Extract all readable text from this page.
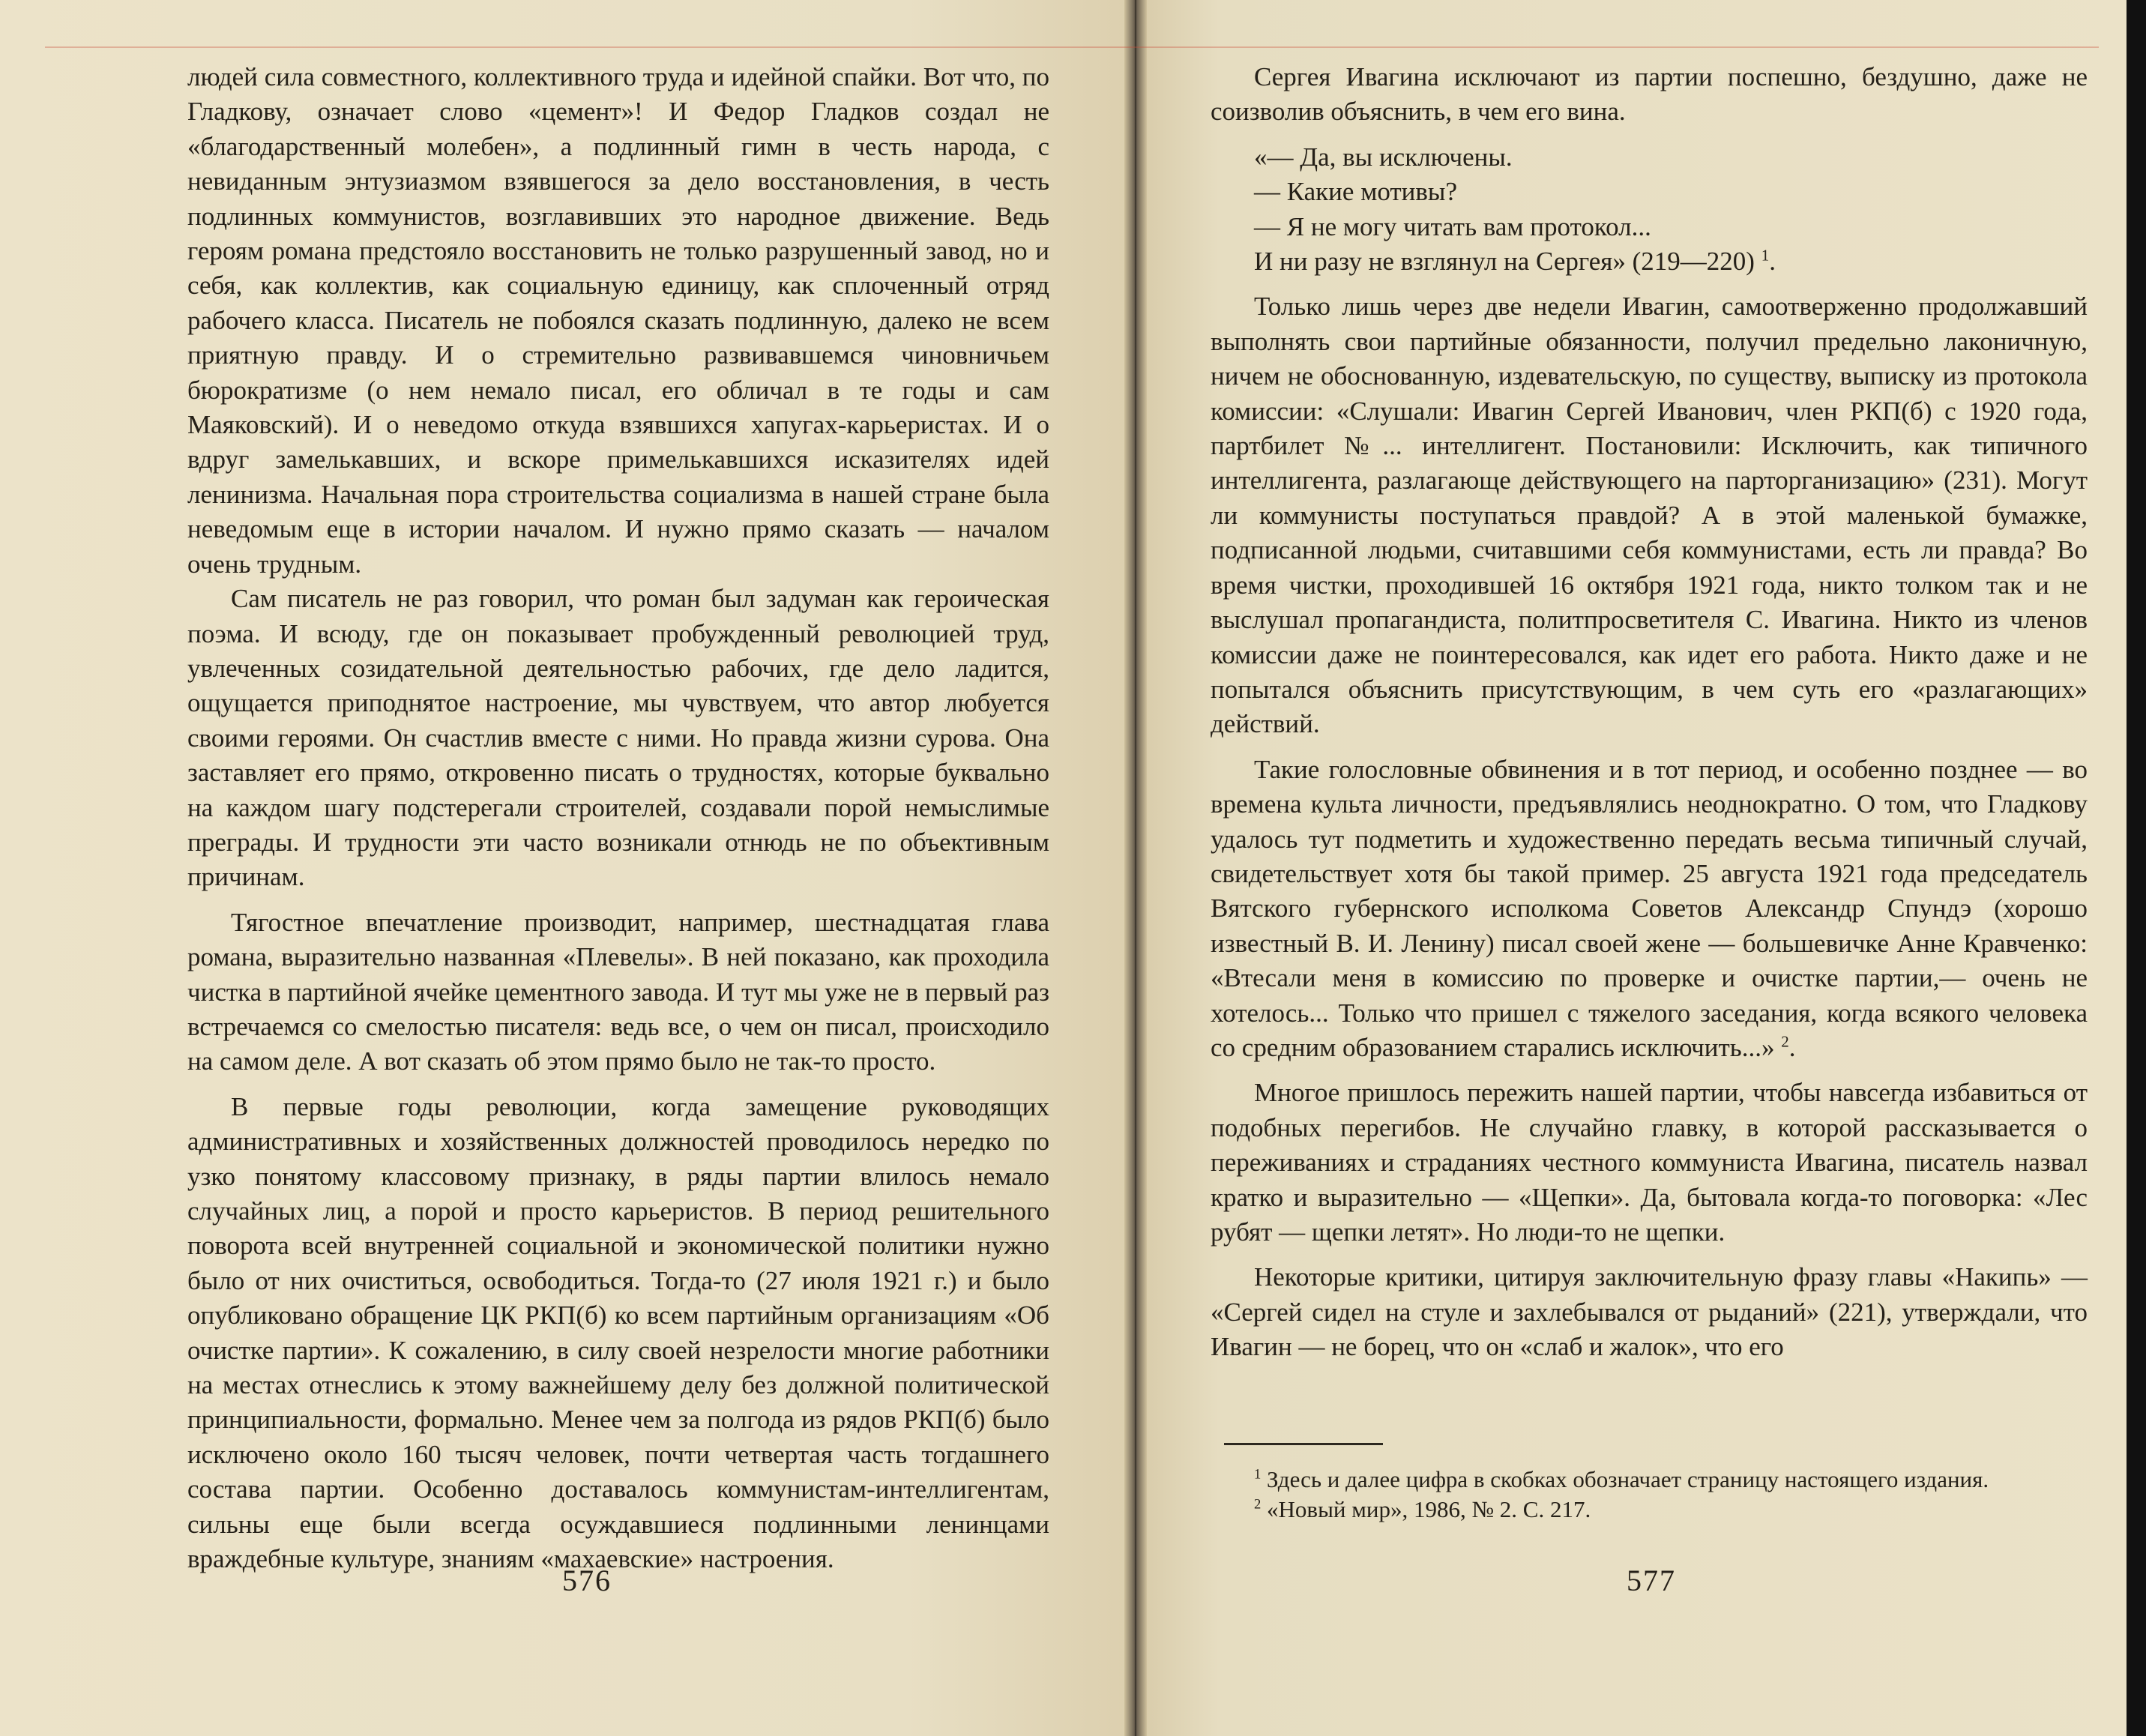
людей сила совместного, коллективного труда и идейной спайки. Вот что, по Гладкову, означает слово «цемент»! И Федор Гладков создал не «благодарственный молебен», а подлинный гимн в честь народа, с невиданным энтузиазмом взявшегося за дело восстановления, в честь подлинных коммунистов, возглавивших это народное движение. Ведь героям романа предстояло восстановить не только разрушенный завод, но и себя, как коллектив, как социальную единицу, как сплоченный отряд рабочего класса. Писатель не побоялся сказать подлинную, далеко не всем приятную правду. И о стремительно развивавшемся чиновничьем бюрократизме (о нем немало писал, его обличал в те годы и сам Маяковский). И о неведомо откуда взявшихся хапугах-карьеристах. И о вдруг замелькавших, и вскоре примелькавшихся исказителях идей ленинизма. Начальная пора строительства социализма в нашей стране была неведомым еще в истории началом. И нужно прямо сказать — началом очень трудным.

Сам писатель не раз говорил, что роман был задуман как героическая поэма. И всюду, где он показывает пробужденный революцией труд, увлеченных созидательной деятельностью рабочих, где дело ладится, ощущается приподнятое настроение, мы чувствуем, что автор любуется своими героями. Он счастлив вместе с ними. Но правда жизни сурова. Она заставляет его прямо, откровенно писать о трудностях, которые буквально на каждом шагу подстерегали строителей, создавали порой немыслимые преграды. И трудности эти часто возникали отнюдь не по объективным причинам.

Тягостное впечатление производит, например, шестнадцатая глава романа, выразительно названная «Плевелы». В ней показано, как проходила чистка в партийной ячейке цементного завода. И тут мы уже не в первый раз встречаемся со смелостью писателя: ведь все, о чем он писал, происходило на самом деле. А вот сказать об этом прямо было не так-то просто.

В первые годы революции, когда замещение руководящих административных и хозяйственных должностей проводилось нередко по узко понятому классовому признаку, в ряды партии влилось немало случайных лиц, а порой и просто карьеристов. В период решительного поворота всей внутренней социальной и экономической политики нужно было от них очиститься, освободиться. Тогда-то (27 июля 1921 г.) и было опубликовано обращение ЦК РКП(б) ко всем партийным организациям «Об очистке партии». К сожалению, в силу своей незрелости многие работники на местах отнеслись к этому важнейшему делу без должной политической принципиальности, формально. Менее чем за полгода из рядов РКП(б) было исключено около 160 тысяч человек, почти четвертая часть тогдашнего состава партии. Особенно доставалось коммунистам-интеллигентам, сильны еще были всегда осуждавшиеся подлинными ленинцами враждебные культуре, знаниям «махаевские» настроения.

576

Сергея Ивагина исключают из партии поспешно, бездушно, даже не соизволив объяснить, в чем его вина.

«— Да, вы исключены.

— Какие мотивы?

— Я не могу читать вам протокол...

И ни разу не взглянул на Сергея» (219—220) $^1$.

Только лишь через две недели Ивагин, самоотверженно продолжавший выполнять свои партийные обязанности, получил предельно лаконичную, ничем не обоснованную, издевательскую, по существу, выписку из протокола комиссии: «Слушали: Ивагин Сергей Иванович, член РКП(б) с 1920 года, партбилет №... интеллигент. Постановили: Исключить, как типичного интеллигента, разлагающе действующего на парторганизацию» (231). Могут ли коммунисты поступаться правдой? А в этой маленькой бумажке, подписанной людьми, считавшими себя коммунистами, есть ли правда? Во время чистки, проходившей 16 октября 1921 года, никто толком так и не выслушал пропагандиста, политпросветителя С. Ивагина. Никто из членов комиссии даже не поинтересовался, как идет его работа. Никто даже и не попытался объяснить присутствующим, в чем суть его «разлагающих» действий.

Такие голословные обвинения и в тот период, и особенно позднее — во времена культа личности, предъявлялись неоднократно. О том, что Гладкову удалось тут подметить и художественно передать весьма типичный случай, свидетельствует хотя бы такой пример. 25 августа 1921 года председатель Вятского губернского исполкома Советов Александр Спундэ (хорошо известный В. И. Ленину) писал своей жене — большевичке Анне Кравченко: «Втесали меня в комиссию по проверке и очистке партии,— очень не хотелось... Только что пришел с тяжелого заседания, когда всякого человека со средним образованием старались исключить...» $^2$.

Многое пришлось пережить нашей партии, чтобы навсегда избавиться от подобных перегибов. Не случайно главку, в которой рассказывается о переживаниях и страданиях честного коммуниста Ивагина, писатель назвал кратко и выразительно — «Щепки». Да, бытовала когда-то поговорка: «Лес рубят — щепки летят». Но люди-то не щепки.

Некоторые критики, цитируя заключительную фразу главы «Накипь» — «Сергей сидел на стуле и захлебывался от рыданий» (221), утверждали, что Ивагин — не борец, что он «слаб и жалок», что его

$^1$ Здесь и далее цифра в скобках обозначает страницу настоящего издания.

$^2$ «Новый мир», 1986, № 2. С. 217.

577
